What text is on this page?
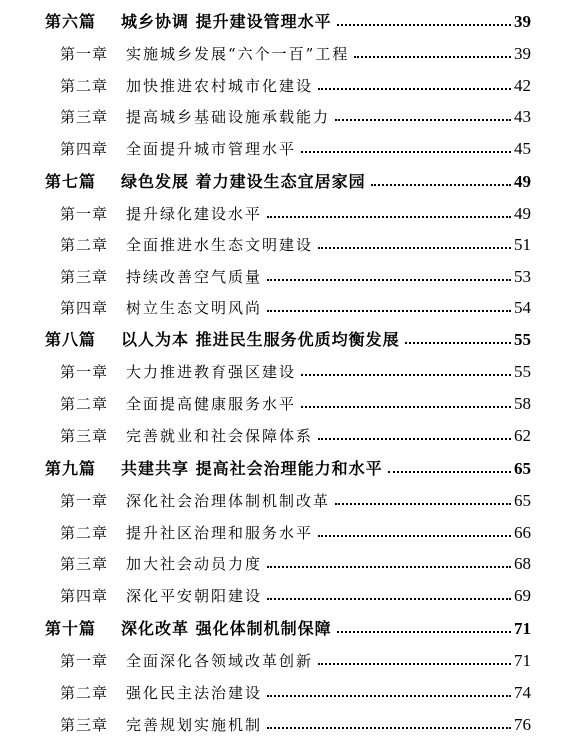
第六篇 城乡协调 提升建设管理水平	39
第一章 实施城乡发展“六个一百”工程	39
第二章 加快推进农村城市化建设	42
第三章 提高城乡基础设施承载能力	43
第四章 全面提升城市管理水平	45
第七篇 绿色发展 着力建设生态宜居家园	49
第一章 提升绿化建设水平	49
第二章 全面推进水生态文明建设	51
第三章 持续改善空气质量	53
第四章 树立生态文明风尚	54
第八篇 以人为本 推进民生服务优质均衡发展	55
第一章 大力推进教育强区建设	55
第二章 全面提高健康服务水平	58
第三章 完善就业和社会保障体系	62
第九篇 共建共享 提高社会治理能力和水平	65
第一章 深化社会治理体制机制改革	65
第二章 提升社区治理和服务水平	66
第三章 加大社会动员力度	68
第四章 深化平安朝阳建设	69
第十篇 深化改革 强化体制机制保障	71
第一章 全面深化各领域改革创新	71
第二章 强化民主法治建设	74
第三章 完善规划实施机制	76
